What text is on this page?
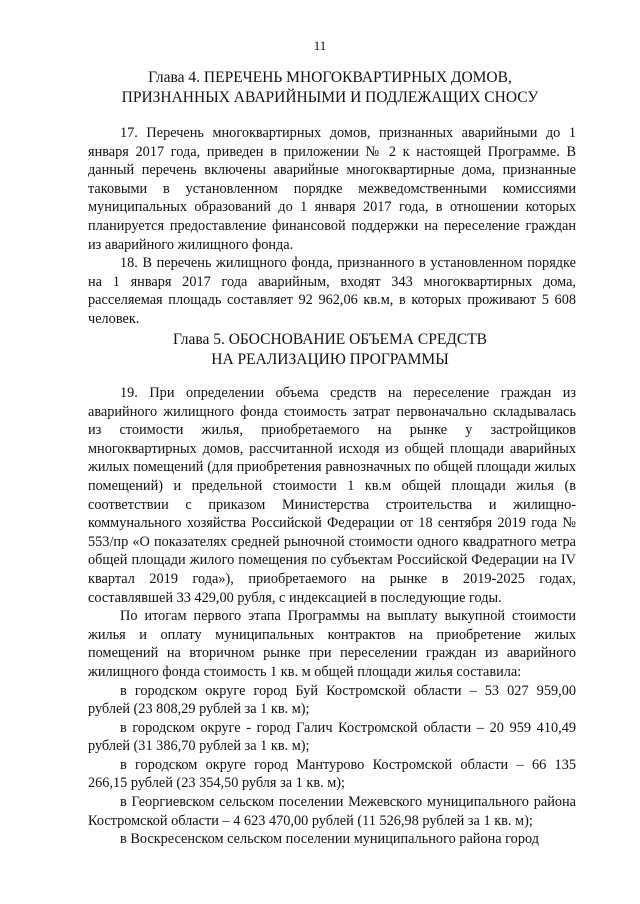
11
Глава 4. ПЕРЕЧЕНЬ МНОГОКВАРТИРНЫХ ДОМОВ,
ПРИЗНАННЫХ АВАРИЙНЫМИ И ПОДЛЕЖАЩИХ СНОСУ

17. Перечень многоквартирных домов, признанных аварийными до 1 января 2017 года, приведен в приложении № 2 к настоящей Программе. В данный перечень включены аварийные многоквартирные дома, признанные таковыми в установленном порядке межведомственными комиссиями муниципальных образований до 1 января 2017 года, в отношении которых планируется предоставление финансовой поддержки на переселение граждан из аварийного жилищного фонда.

18. В перечень жилищного фонда, признанного в установленном порядке на 1 января 2017 года аварийным, входят 343 многоквартирных дома, расселяемая площадь составляет 92 962,06 кв.м, в которых проживают 5 608 человек.

Глава 5. ОБОСНОВАНИЕ ОБЪЕМА СРЕДСТВ
НА РЕАЛИЗАЦИЮ ПРОГРАММЫ

19. При определении объема средств на переселение граждан из аварийного жилищного фонда стоимость затрат первоначально складывалась из стоимости жилья, приобретаемого на рынке у застройщиков многоквартирных домов, рассчитанной исходя из общей площади аварийных жилых помещений (для приобретения равнозначных по общей площади жилых помещений) и предельной стоимости 1 кв.м общей площади жилья (в соответствии с приказом Министерства строительства и жилищно-коммунального хозяйства Российской Федерации от 18 сентября 2019 года № 553/пр «О показателях средней рыночной стоимости одного квадратного метра общей площади жилого помещения по субъектам Российской Федерации на IV квартал 2019 года»), приобретаемого на рынке в 2019-2025 годах, составлявшей 33 429,00 рубля, с индексацией в последующие годы.

По итогам первого этапа Программы на выплату выкупной стоимости жилья и оплату муниципальных контрактов на приобретение жилых помещений на вторичном рынке при переселении граждан из аварийного жилищного фонда стоимость 1 кв. м общей площади жилья составила:

в городском округе город Буй Костромской области – 53 027 959,00 рублей (23 808,29 рублей за 1 кв. м);

в городском округе - город Галич Костромской области – 20 959 410,49 рублей (31 386,70 рублей за 1 кв. м);

в городском округе город Мантурово Костромской области – 66 135 266,15 рублей (23 354,50 рубля за 1 кв. м);

в Георгиевском сельском поселении Межевского муниципального района Костромской области – 4 623 470,00 рублей (11 526,98 рублей за 1 кв. м);

в Воскресенском сельском поселении муниципального района город
